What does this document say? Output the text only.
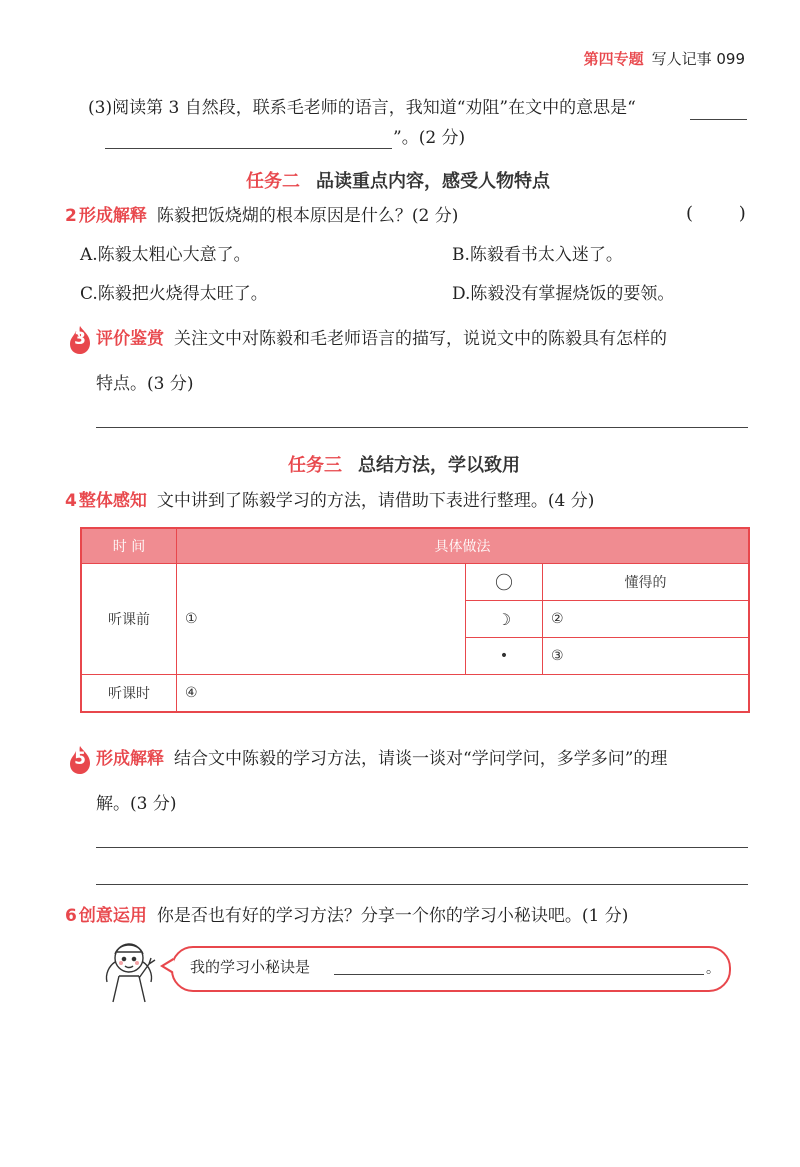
第四专题 写人记事 099
(3)阅读第 3 自然段，联系毛老师的语言，我知道“劝阻”在文中的意思是“
”。(2 分)
任务二 品读重点内容，感受人物特点
2 形成解释 陈毅把饭烧煳的根本原因是什么？(2 分)	(        )
A.陈毅太粗心大意了。	B.陈毅看书太入迷了。
C.陈毅把火烧得太旺了。	D.陈毅没有掌握烧饭的要领。
3 评价鉴赏 关注文中对陈毅和毛老师语言的描写，说说文中的陈毅具有怎样的
特点。(3 分)
任务三 总结方法，学以致用
4 整体感知 文中讲到了陈毅学习的方法，请借助下表进行整理。(4 分)
时 间	具体做法		
听课前	①	〇	懂得的
		☽	②
		•	③
听课时	④		
5 形成解释 结合文中陈毅的学习方法，请谈一谈对“学问学问，多学多问”的理
解。(3 分)
6 创意运用 你是否也有好的学习方法？分享一个你的学习小秘诀吧。(1 分)
我的学习小秘诀是	。
